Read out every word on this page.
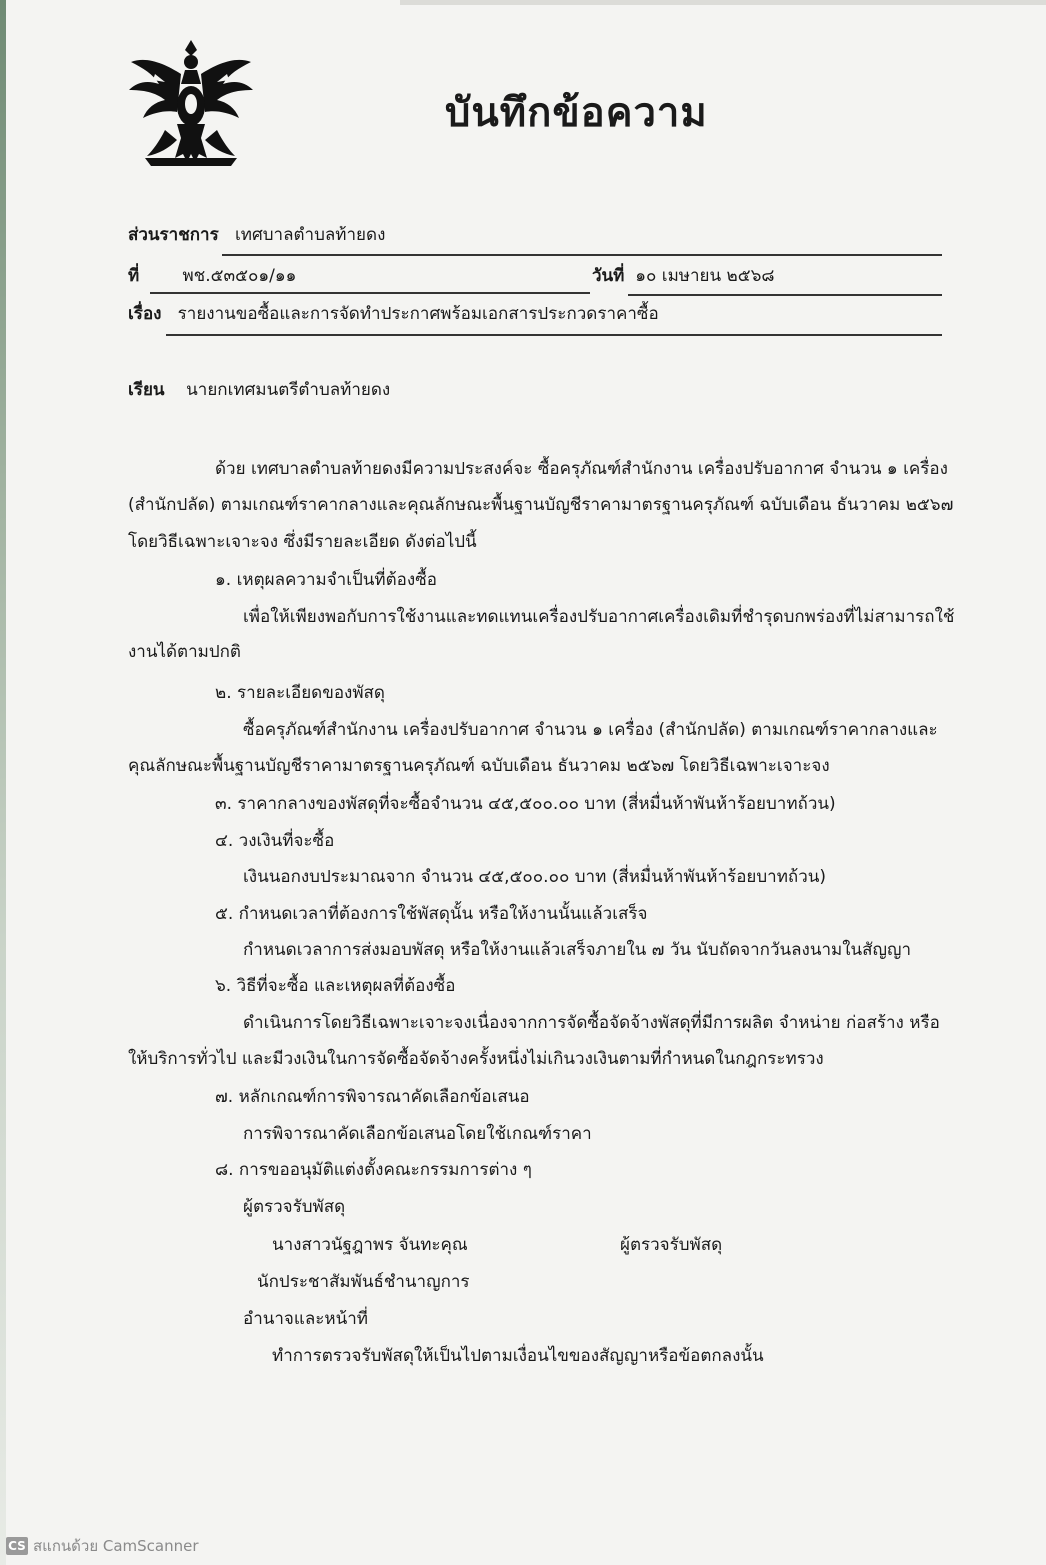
บันทึกข้อความ
ส่วนราชการ เทศบาลตำบลท้ายดง
ที่	พช.๕๓๕๐๑/๑๑	วันที่ ๑๐ เมษายน ๒๕๖๘
เรื่อง รายงานขอซื้อและการจัดทำประกาศพร้อมเอกสารประกวดราคาซื้อ
เรียน นายกเทศมนตรีตำบลท้ายดง
ด้วย เทศบาลตำบลท้ายดงมีความประสงค์จะ ซื้อครุภัณฑ์สำนักงาน เครื่องปรับอากาศ จำนวน ๑ เครื่อง
(สำนักปลัด) ตามเกณฑ์ราคากลางและคุณลักษณะพื้นฐานบัญชีราคามาตรฐานครุภัณฑ์ ฉบับเดือน ธันวาคม ๒๕๖๗
โดยวิธีเฉพาะเจาะจง ซึ่งมีรายละเอียด ดังต่อไปนี้
๑. เหตุผลความจำเป็นที่ต้องซื้อ
เพื่อให้เพียงพอกับการใช้งานและทดแทนเครื่องปรับอากาศเครื่องเดิมที่ชำรุดบกพร่องที่ไม่สามารถใช้
งานได้ตามปกติ
๒. รายละเอียดของพัสดุ
ซื้อครุภัณฑ์สำนักงาน เครื่องปรับอากาศ จำนวน ๑ เครื่อง (สำนักปลัด) ตามเกณฑ์ราคากลางและ
คุณลักษณะพื้นฐานบัญชีราคามาตรฐานครุภัณฑ์ ฉบับเดือน ธันวาคม ๒๕๖๗ โดยวิธีเฉพาะเจาะจง
๓. ราคากลางของพัสดุที่จะซื้อจำนวน ๔๕,๕๐๐.๐๐ บาท (สี่หมื่นห้าพันห้าร้อยบาทถ้วน)
๔. วงเงินที่จะซื้อ
เงินนอกงบประมาณจาก จำนวน ๔๕,๕๐๐.๐๐ บาท (สี่หมื่นห้าพันห้าร้อยบาทถ้วน)
๕. กำหนดเวลาที่ต้องการใช้พัสดุนั้น หรือให้งานนั้นแล้วเสร็จ
กำหนดเวลาการส่งมอบพัสดุ หรือให้งานแล้วเสร็จภายใน ๗ วัน นับถัดจากวันลงนามในสัญญา
๖. วิธีที่จะซื้อ และเหตุผลที่ต้องซื้อ
ดำเนินการโดยวิธีเฉพาะเจาะจงเนื่องจากการจัดซื้อจัดจ้างพัสดุที่มีการผลิต จำหน่าย ก่อสร้าง หรือ
ให้บริการทั่วไป และมีวงเงินในการจัดซื้อจัดจ้างครั้งหนึ่งไม่เกินวงเงินตามที่กำหนดในกฎกระทรวง
๗. หลักเกณฑ์การพิจารณาคัดเลือกข้อเสนอ
การพิจารณาคัดเลือกข้อเสนอโดยใช้เกณฑ์ราคา
๘. การขออนุมัติแต่งตั้งคณะกรรมการต่าง ๆ
ผู้ตรวจรับพัสดุ
นางสาวนัฐฎาพร จันทะคุณ	ผู้ตรวจรับพัสดุ
นักประชาสัมพันธ์ชำนาญการ
อำนาจและหน้าที่
ทำการตรวจรับพัสดุให้เป็นไปตามเงื่อนไขของสัญญาหรือข้อตกลงนั้น
CS สแกนด้วย CamScanner
